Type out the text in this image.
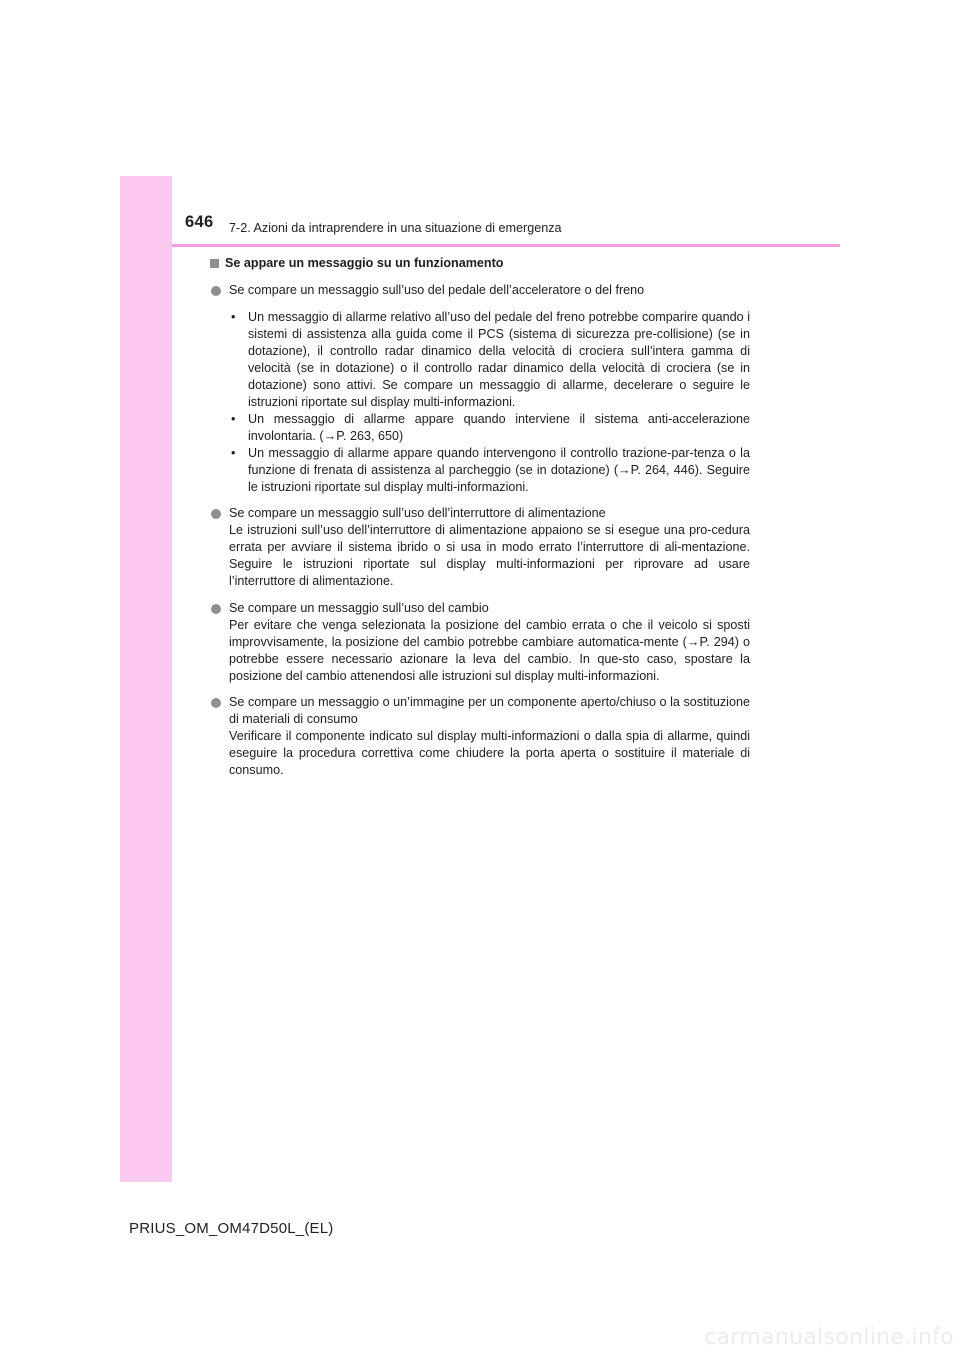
646 7-2. Azioni da intraprendere in una situazione di emergenza
Se appare un messaggio su un funzionamento
Se compare un messaggio sull’uso del pedale dell’acceleratore o del freno
• Un messaggio di allarme relativo all’uso del pedale del freno potrebbe comparire quando i sistemi di assistenza alla guida come il PCS (sistema di sicurezza pre-collisione) (se in dotazione), il controllo radar dinamico della velocità di crociera sull’intera gamma di velocità (se in dotazione) o il controllo radar dinamico della velocità di crociera (se in dotazione) sono attivi. Se compare un messaggio di allarme, decelerare o seguire le istruzioni riportate sul display multi-informazioni.
• Un messaggio di allarme appare quando interviene il sistema anti-accelerazione involontaria. (→P. 263, 650)
• Un messaggio di allarme appare quando intervengono il controllo trazione-par-tenza o la funzione di frenata di assistenza al parcheggio (se in dotazione) (→P. 264, 446). Seguire le istruzioni riportate sul display multi-informazioni.
Se compare un messaggio sull’uso dell’interruttore di alimentazione
Le istruzioni sull’uso dell’interruttore di alimentazione appaiono se si esegue una pro-cedura errata per avviare il sistema ibrido o si usa in modo errato l’interruttore di ali-mentazione. Seguire le istruzioni riportate sul display multi-informazioni per riprovare ad usare l’interruttore di alimentazione.
Se compare un messaggio sull’uso del cambio
Per evitare che venga selezionata la posizione del cambio errata o che il veicolo si sposti improvvisamente, la posizione del cambio potrebbe cambiare automatica-mente (→P. 294) o potrebbe essere necessario azionare la leva del cambio. In que-sto caso, spostare la posizione del cambio attenendosi alle istruzioni sul display multi-informazioni.
Se compare un messaggio o un’immagine per un componente aperto/chiuso o la sostituzione di materiali di consumo
Verificare il componente indicato sul display multi-informazioni o dalla spia di allarme, quindi eseguire la procedura correttiva come chiudere la porta aperta o sostituire il materiale di consumo.
PRIUS_OM_OM47D50L_(EL)
carmanualsonline.info
